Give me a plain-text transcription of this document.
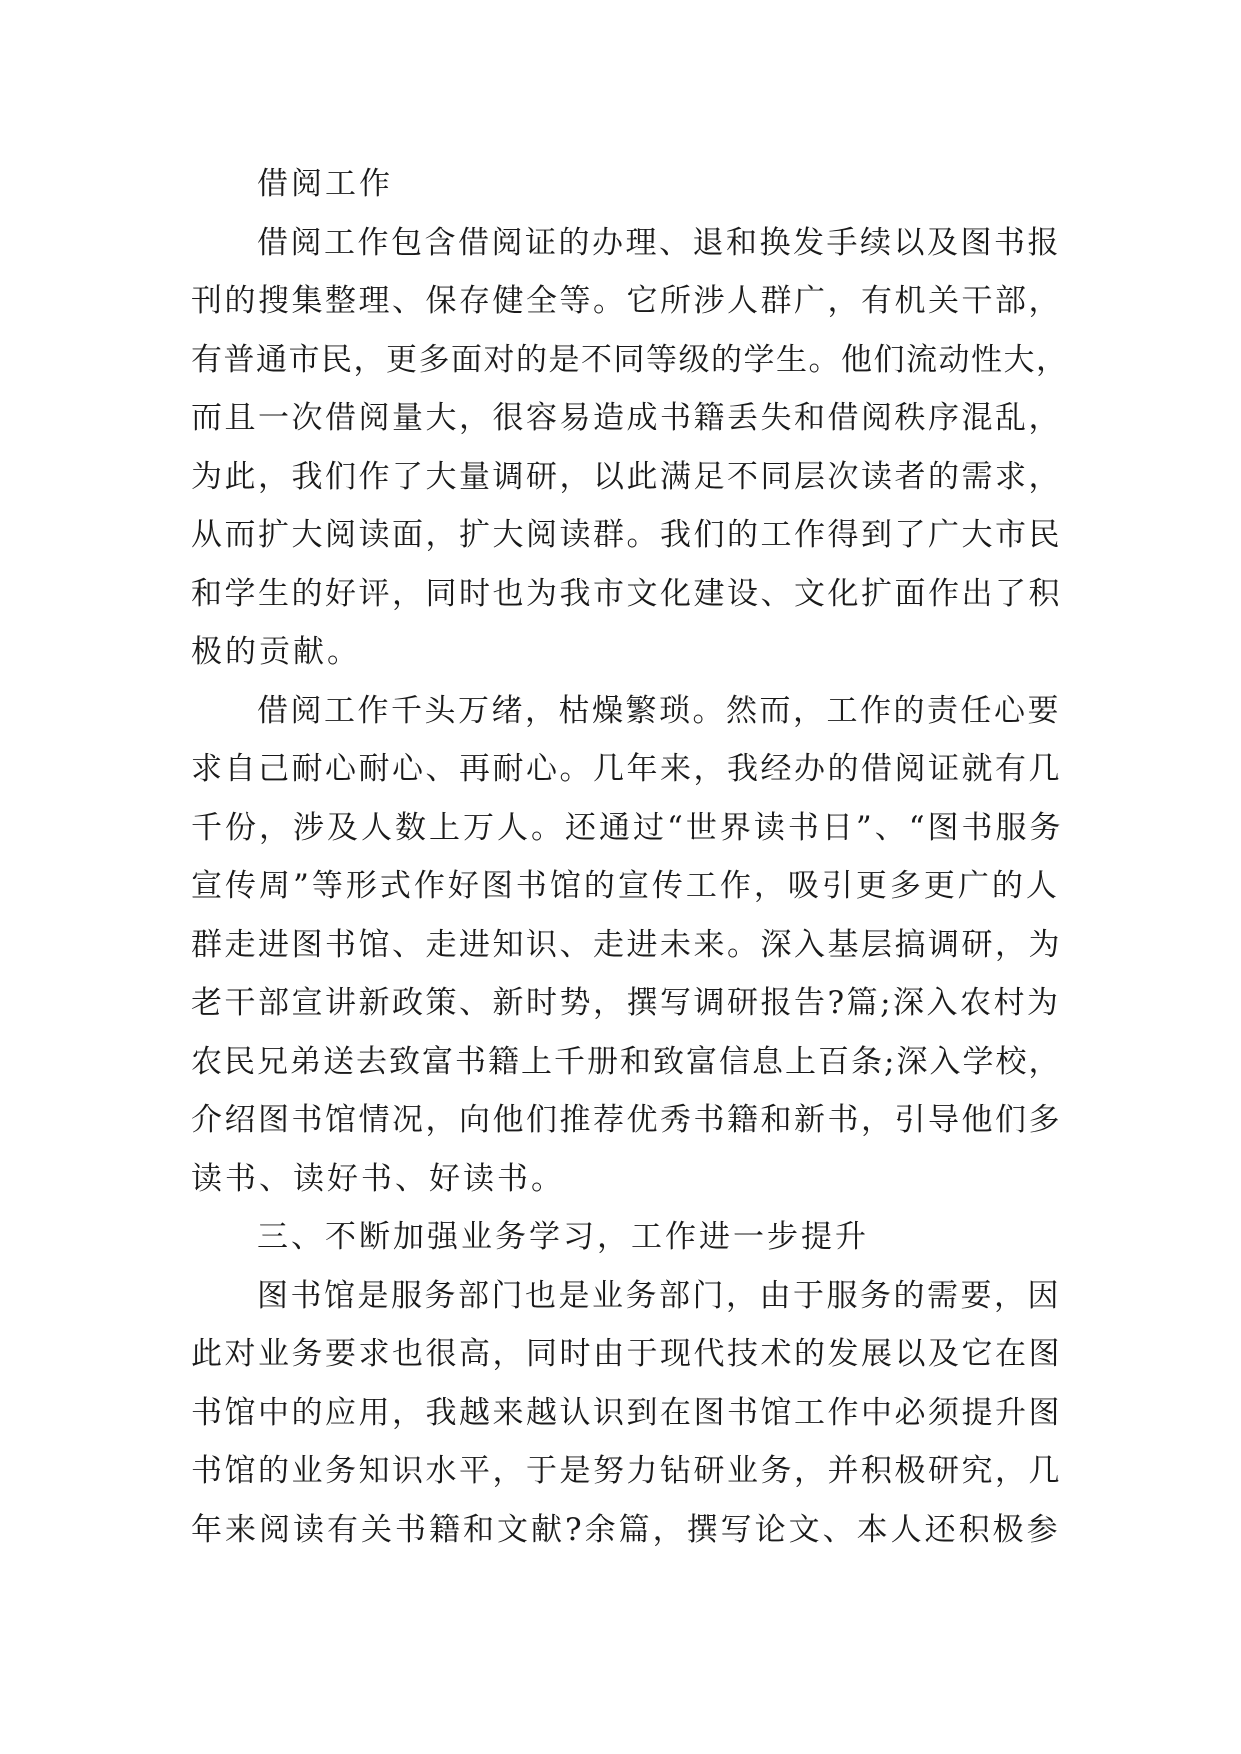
借阅工作
借阅工作包含借阅证的办理、退和换发手续以及图书报
刊的搜集整理、保存健全等。它所涉人群广，有机关干部，
有普通市民，更多面对的是不同等级的学生。他们流动性大，
而且一次借阅量大，很容易造成书籍丢失和借阅秩序混乱，
为此，我们作了大量调研，以此满足不同层次读者的需求，
从而扩大阅读面，扩大阅读群。我们的工作得到了广大市民
和学生的好评，同时也为我市文化建设、文化扩面作出了积
极的贡献。
借阅工作千头万绪，枯燥繁琐。然而，工作的责任心要
求自己耐心耐心、再耐心。几年来，我经办的借阅证就有几
千份，涉及人数上万人。还通过“世界读书日”、“图书服务
宣传周”等形式作好图书馆的宣传工作，吸引更多更广的人
群走进图书馆、走进知识、走进未来。深入基层搞调研，为
老干部宣讲新政策、新时势，撰写调研报告?篇;深入农村为
农民兄弟送去致富书籍上千册和致富信息上百条;深入学校，
介绍图书馆情况，向他们推荐优秀书籍和新书，引导他们多
读书、读好书、好读书。
三、不断加强业务学习，工作进一步提升
图书馆是服务部门也是业务部门，由于服务的需要，因
此对业务要求也很高，同时由于现代技术的发展以及它在图
书馆中的应用，我越来越认识到在图书馆工作中必须提升图
书馆的业务知识水平，于是努力钻研业务，并积极研究，几
年来阅读有关书籍和文献?余篇，撰写论文、本人还积极参
